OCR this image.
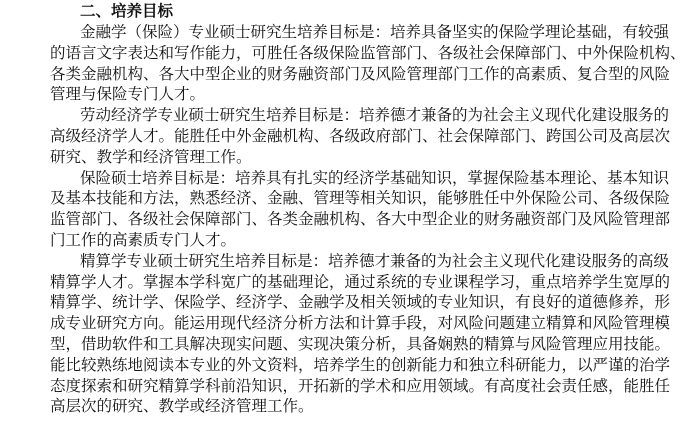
二、培养目标
金融学（保险）专业硕士研究生培养目标是：培养具备坚实的保险学理论基础，有较强
的语言文字表达和写作能力，可胜任各级保险监管部门、各级社会保障部门、中外保险机构、
各类金融机构、各大中型企业的财务融资部门及风险管理部门工作的高素质、复合型的风险
管理与保险专门人才。
劳动经济学专业硕士研究生培养目标是：培养德才兼备的为社会主义现代化建设服务的
高级经济学人才。能胜任中外金融机构、各级政府部门、社会保障部门、跨国公司及高层次
研究、教学和经济管理工作。
保险硕士培养目标是：培养具有扎实的经济学基础知识，掌握保险基本理论、基本知识
及基本技能和方法，熟悉经济、金融、管理等相关知识，能够胜任中外保险公司、各级保险
监管部门、各级社会保障部门、各类金融机构、各大中型企业的财务融资部门及风险管理部
门工作的高素质专门人才。
精算学专业硕士研究生培养目标是：培养德才兼备的为社会主义现代化建设服务的高级
精算学人才。掌握本学科宽广的基础理论，通过系统的专业课程学习，重点培养学生宽厚的
精算学、统计学、保险学、经济学、金融学及相关领域的专业知识，有良好的道德修养，形
成专业研究方向。能运用现代经济分析方法和计算手段，对风险问题建立精算和风险管理模
型，借助软件和工具解决现实问题、实现决策分析，具备娴熟的精算与风险管理应用技能。
能比较熟练地阅读本专业的外文资料，培养学生的创新能力和独立科研能力，以严谨的治学
态度探索和研究精算学科前沿知识，开拓新的学术和应用领域。有高度社会责任感，能胜任
高层次的研究、教学或经济管理工作。
